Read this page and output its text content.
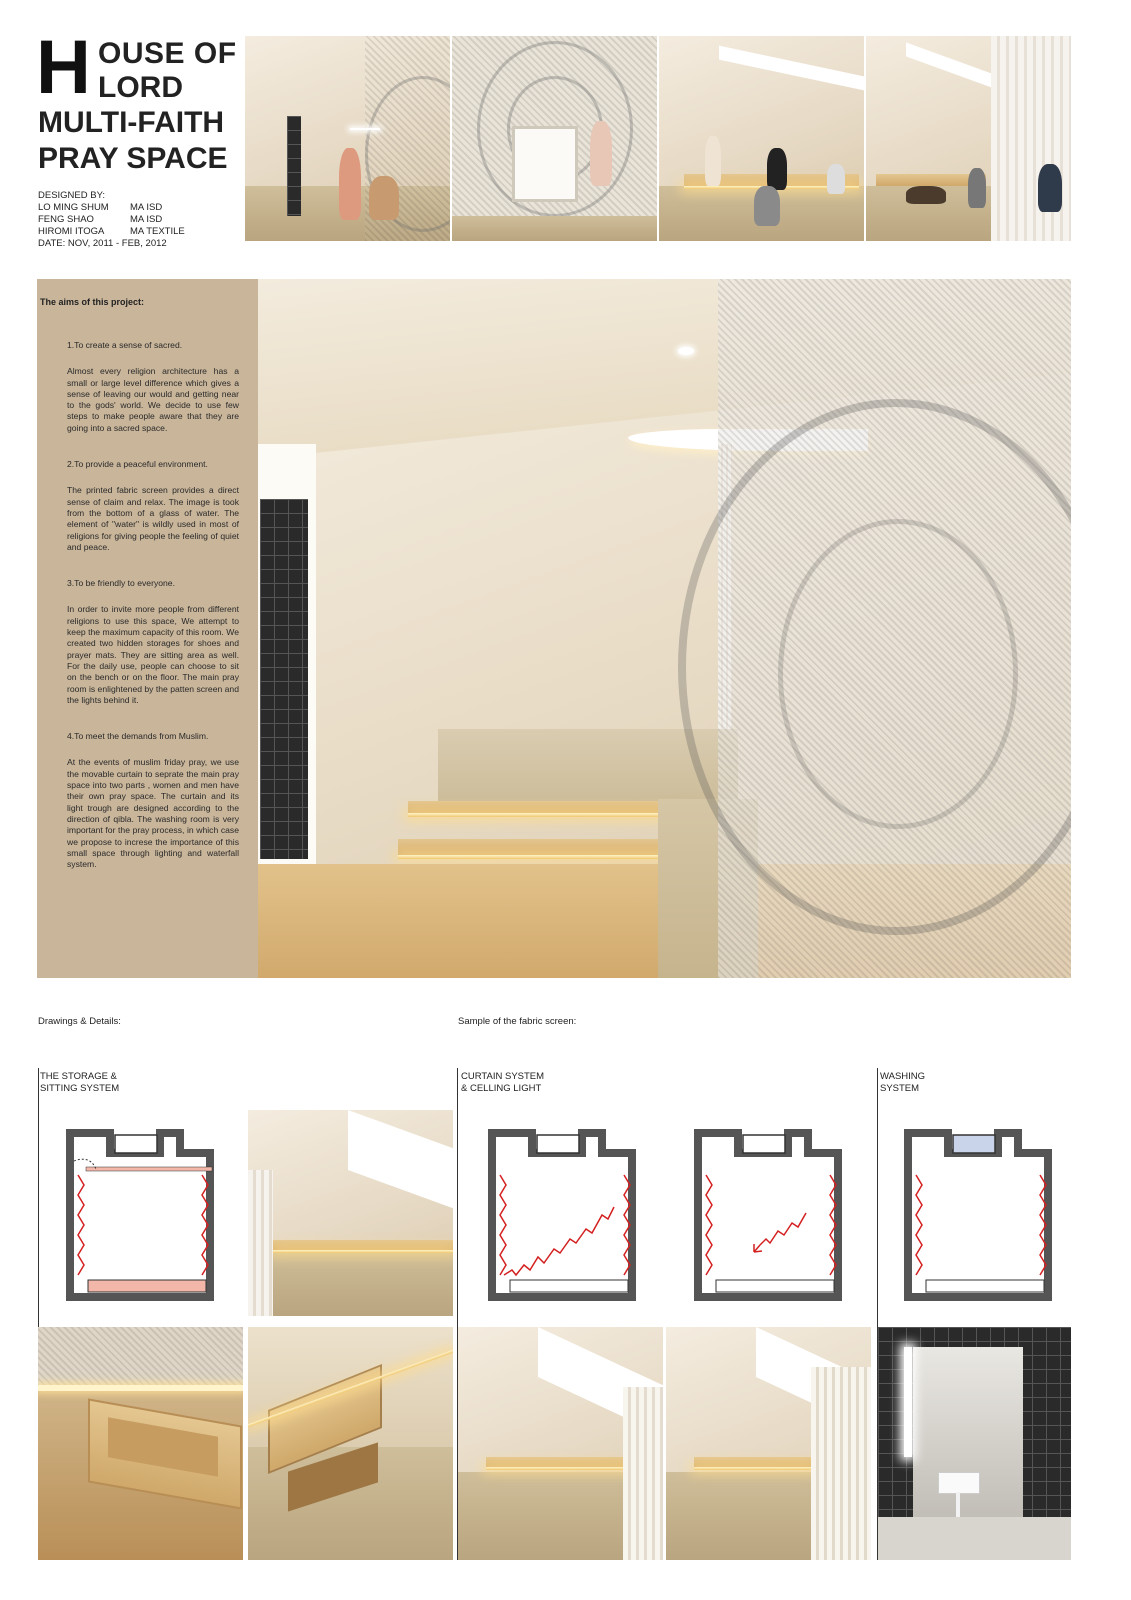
H OUSE OF
LORD
MULTI-FAITH
PRAY SPACE
DESIGNED BY:
LO MING SHUM	MA ISD
FENG SHAO	MA ISD
HIROMI ITOGA	MA TEXTILE
DATE: NOV, 2011 - FEB, 2012
The aims of this project:

1.To create a sense of sacred.

Almost every religion architecture has a small or large level difference which gives a sense of leaving our would and getting near to the gods' world. We decide to use few steps to make people aware that they are going into a sacred space.

2.To provide a peaceful environment.

The printed fabric screen provides a direct sense of claim and relax. The image is took from the bottom of a glass of water. The element of "water" is wildly used in most of religions for giving people the feeling of quiet and peace.

3.To be friendly to everyone.

In order to invite more people from different religions to use this space, We attempt to keep the maximum capacity of this room. We created two hidden storages for shoes and prayer mats. They are sitting area as well. For the daily use, people can choose to sit on the bench or on the floor. The main pray room is enlightened by the patten screen and the lights behind it.

4.To meet the demands from Muslim.

At the events of muslim friday pray, we use the movable curtain to seprate the main pray space into two parts , women and men have their own pray space. The curtain and its light trough are designed according to the direction of qibla. The washing room is very important for the pray process, in which case we propose to increse the importance of this small space through lighting and waterfall system.

Drawings & Details:	Sample of the fabric screen:
THE STORAGE &
SITTING SYSTEM
CURTAIN SYSTEM
& CELLING LIGHT
WASHING
SYSTEM
